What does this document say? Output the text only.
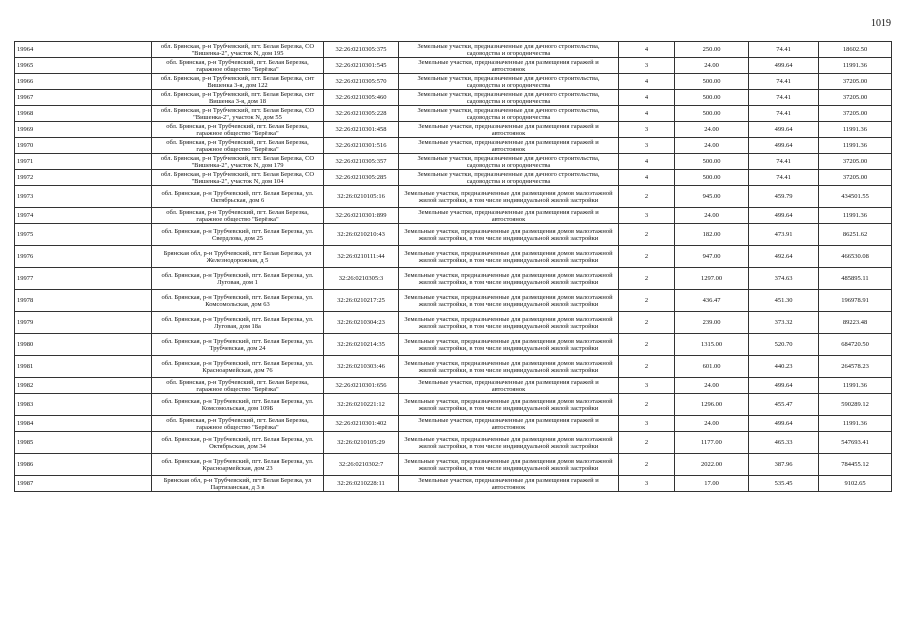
1019
19964	обл. Брянская, р-н Трубчевский, пгт. Белая Березка, СО "Вишенка-2", участок N, дом 195	32:26:0210305:375	Земельные участки, предназначенные для дачного строительства, садоводства и огородничества	4	250.00	74.41	18602.50
19965	обл. Брянская, р-н Трубчевский, пгт. Белая Березка, гаражное общество "Берёзка"	32:26:0210301:545	Земельные участки, предназначенные для размещения гаражей и автостоянок	3	24.00	499.64	11991.36
19966	обл. Брянская, р-н Трубчевский, пгт. Белая Березка, снт Вишенка 3-я, дом 122	32:26:0210305:570	Земельные участки, предназначенные для дачного строительства, садоводства и огородничества	4	500.00	74.41	37205.00
19967	обл. Брянская, р-н Трубчевский, пгт. Белая Березка, снт Вишенка 3-я, дом 18	32:26:0210305:460	Земельные участки, предназначенные для дачного строительства, садоводства и огородничества	4	500.00	74.41	37205.00
19968	обл. Брянская, р-н Трубчевский, пгт. Белая Березка, СО "Вишенка-2", участок N, дом 55	32:26:0210305:228	Земельные участки, предназначенные для дачного строительства, садоводства и огородничества	4	500.00	74.41	37205.00
19969	обл. Брянская, р-н Трубчевский, пгт. Белая Березка, гаражное общество "Берёзка"	32:26:0210301:458	Земельные участки, предназначенные для размещения гаражей и автостоянок	3	24.00	499.64	11991.36
19970	обл. Брянская, р-н Трубчевский, пгт. Белая Березка, гаражное общество "Берёзка"	32:26:0210301:516	Земельные участки, предназначенные для размещения гаражей и автостоянок	3	24.00	499.64	11991.36
19971	обл. Брянская, р-н Трубчевский, пгт. Белая Березка, СО "Вишенка-2", участок N, дом 179	32:26:0210305:357	Земельные участки, предназначенные для дачного строительства, садоводства и огородничества	4	500.00	74.41	37205.00
19972	обл. Брянская, р-н Трубчевский, пгт. Белая Березка, СО "Вишенка-2", участок N, дом 104	32:26:0210305:285	Земельные участки, предназначенные для дачного строительства, садоводства и огородничества	4	500.00	74.41	37205.00
19973	обл. Брянская, р-н Трубчевский, пгт. Белая Березка, ул. Октябрьская, дом 6	32:26:0210105:16	Земельные участки, предназначенные для размещения домов малоэтажной жилой застройки, в том числе индивидуальной жилой застройки	2	945.00	459.79	434501.55
19974	обл. Брянская, р-н Трубчевский, пгт. Белая Березка, гаражное общество "Берёзка"	32:26:0210301:899	Земельные участки, предназначенные для размещения гаражей и автостоянок	3	24.00	499.64	11991.36
19975	обл. Брянская, р-н Трубчевский, пгт. Белая Березка, ул. Свердлова, дом 25	32:26:0210210:43	Земельные участки, предназначенные для размещения домов малоэтажной жилой застройки, в том числе индивидуальной жилой застройки	2	182.00	473.91	86251.62
19976	Брянская обл, р-н Трубчевский, пгт Белая Березка, ул Железнодорожная, д 5	32:26:0210111:44	Земельные участки, предназначенные для размещения домов малоэтажной жилой застройки, в том числе индивидуальной жилой застройки	2	947.00	492.64	466530.08
19977	обл. Брянская, р-н Трубчевский, пгт. Белая Березка, ул. Луговая, дом 1	32:26:0210305:3	Земельные участки, предназначенные для размещения домов малоэтажной жилой застройки, в том числе индивидуальной жилой застройки	2	1297.00	374.63	485895.11
19978	обл. Брянская, р-н Трубчевский, пгт. Белая Березка, ул. Комсомольская, дом 63	32:26:0210217:25	Земельные участки, предназначенные для размещения домов малоэтажной жилой застройки, в том числе индивидуальной жилой застройки	2	436.47	451.30	196978.91
19979	обл. Брянская, р-н Трубчевский, пгт. Белая Березка, ул. Луговая, дом 18а	32:26:0210304:23	Земельные участки, предназначенные для размещения домов малоэтажной жилой застройки, в том числе индивидуальной жилой застройки	2	239.00	373.32	89223.48
19980	обл. Брянская, р-н Трубчевский, пгт. Белая Березка, ул. Трубчевская, дом 24	32:26:0210214:35	Земельные участки, предназначенные для размещения домов малоэтажной жилой застройки, в том числе индивидуальной жилой застройки	2	1315.00	520.70	684720.50
19981	обл. Брянская, р-н Трубчевский, пгт. Белая Березка, ул. Красноармейская, дом 76	32:26:0210303:46	Земельные участки, предназначенные для размещения домов малоэтажной жилой застройки, в том числе индивидуальной жилой застройки	2	601.00	440.23	264578.23
19982	обл. Брянская, р-н Трубчевский, пгт. Белая Березка, гаражное общество "Берёзка"	32:26:0210301:656	Земельные участки, предназначенные для размещения гаражей и автостоянок	3	24.00	499.64	11991.36
19983	обл. Брянская, р-н Трубчевский, пгт. Белая Березка, ул. Комсомольская, дом 109Б	32:26:0210221:12	Земельные участки, предназначенные для размещения домов малоэтажной жилой застройки, в том числе индивидуальной жилой застройки	2	1296.00	455.47	590289.12
19984	обл. Брянская, р-н Трубчевский, пгт. Белая Березка, гаражное общество "Берёзка"	32:26:0210301:402	Земельные участки, предназначенные для размещения гаражей и автостоянок	3	24.00	499.64	11991.36
19985	обл. Брянская, р-н Трубчевский, пгт. Белая Березка, ул. Октябрьская, дом 34	32:26:0210105:29	Земельные участки, предназначенные для размещения домов малоэтажной жилой застройки, в том числе индивидуальной жилой застройки	2	1177.00	465.33	547693.41
19986	обл. Брянская, р-н Трубчевский, пгт. Белая Березка, ул. Красноармейская, дом 23	32:26:0210302:7	Земельные участки, предназначенные для размещения домов малоэтажной жилой застройки, в том числе индивидуальной жилой застройки	2	2022.00	387.96	784455.12
19987	Брянская обл, р-н Трубчевский, пгт Белая Березка, ул Партизанская, д 3 в	32:26:0210228:11	Земельные участки, предназначенные для размещения гаражей и автостоянок	3	17.00	535.45	9102.65
